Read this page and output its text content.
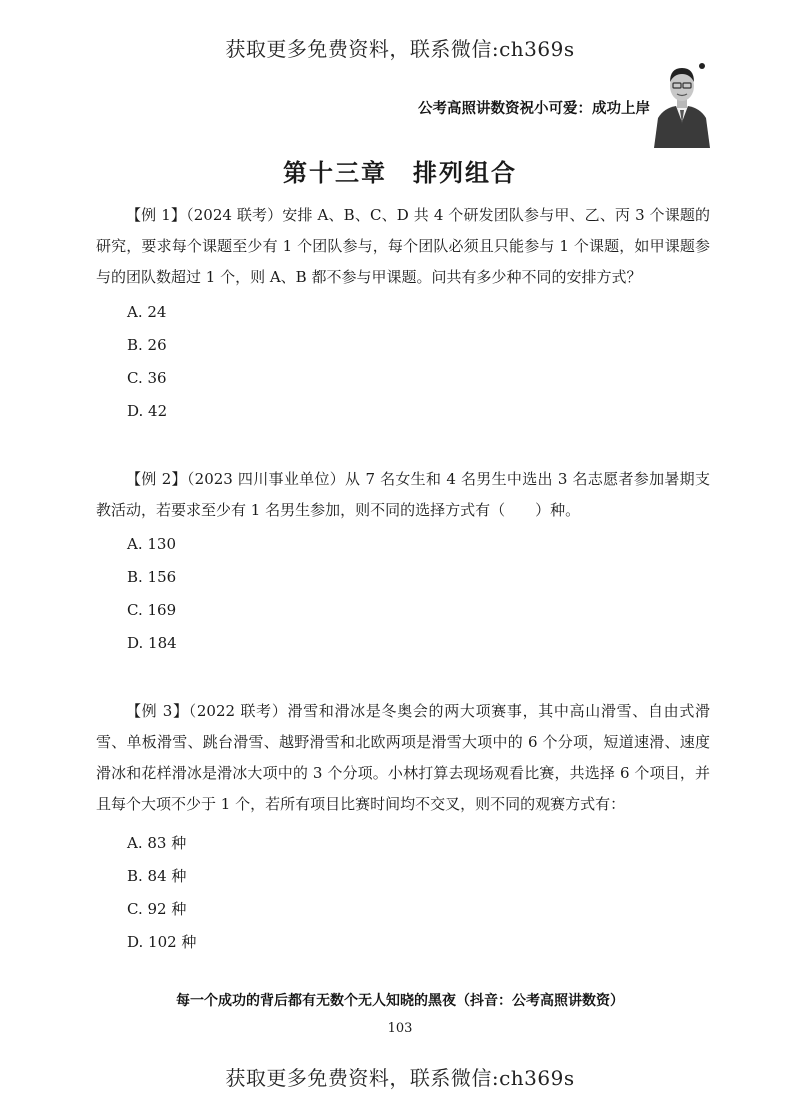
获取更多免费资料，联系微信:ch369s
公考高照讲数资祝小可爱：成功上岸
第十三章　排列组合

【例 1】（2024 联考）安排 A、B、C、D 共 4 个研发团队参与甲、乙、丙 3 个课题的研究，要求每个课题至少有 1 个团队参与，每个团队必须且只能参与 1 个课题，如甲课题参与的团队数超过 1 个，则 A、B 都不参与甲课题。问共有多少种不同的安排方式？

A. 24
B. 26
C. 36
D. 42

【例 2】（2023 四川事业单位）从 7 名女生和 4 名男生中选出 3 名志愿者参加暑期支教活动，若要求至少有 1 名男生参加，则不同的选择方式有（　　）种。

A. 130
B. 156
C. 169
D. 184

【例 3】（2022 联考）滑雪和滑冰是冬奥会的两大项赛事，其中高山滑雪、自由式滑雪、单板滑雪、跳台滑雪、越野滑雪和北欧两项是滑雪大项中的 6 个分项，短道速滑、速度滑冰和花样滑冰是滑冰大项中的 3 个分项。小林打算去现场观看比赛，共选择 6 个项目，并且每个大项不少于 1 个，若所有项目比赛时间均不交叉，则不同的观赛方式有：

A. 83 种
B. 84 种
C. 92 种
D. 102 种
每一个成功的背后都有无数个无人知晓的黑夜（抖音：公考高照讲数资）
103
获取更多免费资料，联系微信:ch369s
